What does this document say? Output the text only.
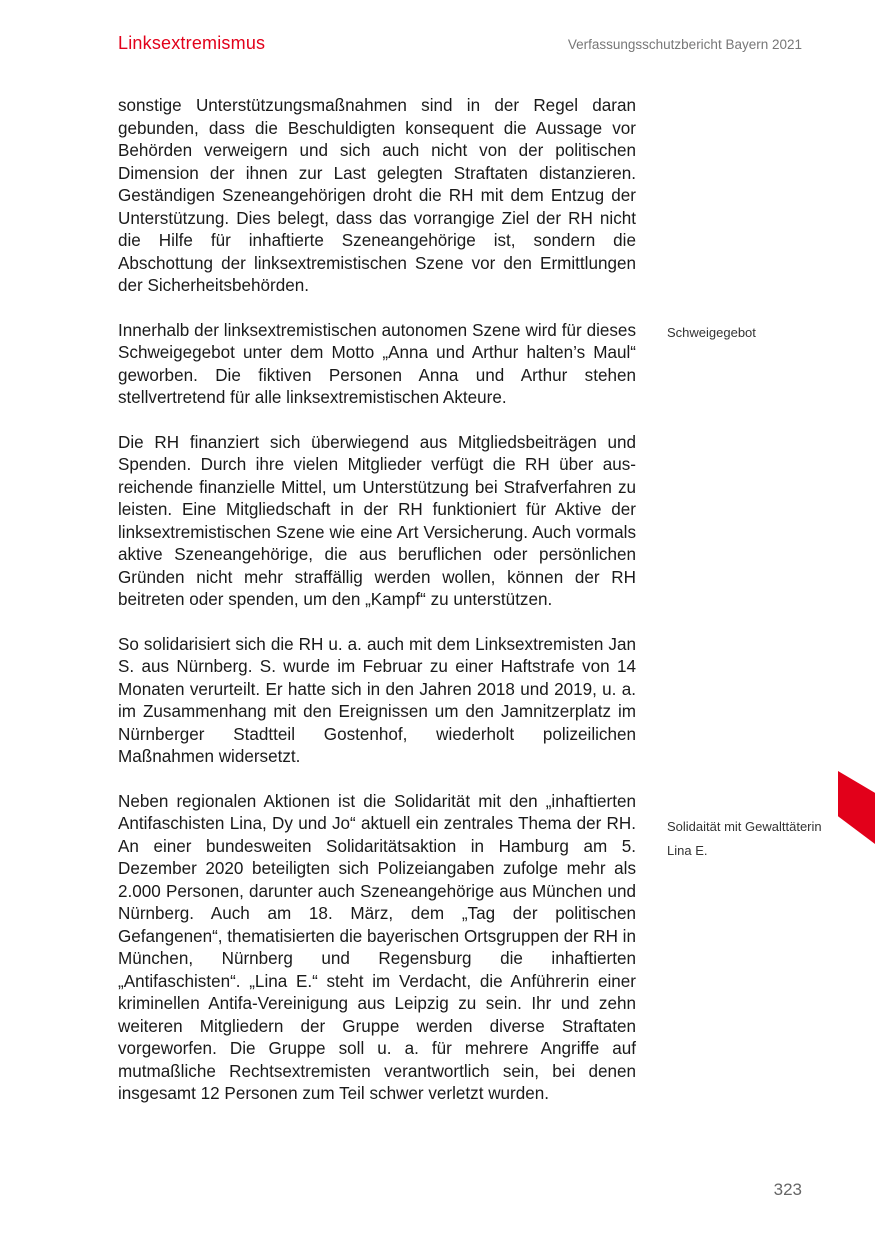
Linksextremismus	Verfassungsschutzbericht Bayern 2021

sonstige Unterstützungsmaßnahmen sind in der Regel daran gebunden, dass die Beschuldigten konsequent die Aussage vor Behörden verweigern und sich auch nicht von der politischen Dimension der ihnen zur Last gelegten Straftaten distanzieren. Geständigen Szeneangehörigen droht die RH mit dem Entzug der Unterstützung. Dies belegt, dass das vorrangige Ziel der RH nicht die Hilfe für inhaftierte Szeneangehörige ist, sondern die Abschottung der linksextremistischen Szene vor den Ermittlungen der Sicherheitsbehörden.

Innerhalb der linksextremistischen autonomen Szene wird für dieses Schweigegebot unter dem Motto „Anna und Arthur halten’s Maul“ geworben. Die fiktiven Personen Anna und Arthur stehen stellvertretend für alle linksextremistischen Akteure.

Die RH finanziert sich überwiegend aus Mitgliedsbeiträgen und Spenden. Durch ihre vielen Mitglieder verfügt die RH über ausreichende finanzielle Mittel, um Unterstützung bei Strafverfahren zu leisten. Eine Mitgliedschaft in der RH funktioniert für Aktive der linksextremistischen Szene wie eine Art Versicherung. Auch vormals aktive Szeneangehörige, die aus beruflichen oder persönlichen Gründen nicht mehr straffällig werden wollen, können der RH beitreten oder spenden, um den „Kampf“ zu unterstützen.

So solidarisiert sich die RH u. a. auch mit dem Linksextremisten Jan S. aus Nürnberg. S. wurde im Februar zu einer Haftstrafe von 14 Monaten verurteilt. Er hatte sich in den Jahren 2018 und 2019, u. a. im Zusammenhang mit den Ereignissen um den Jamnitzerplatz im Nürnberger Stadtteil Gostenhof, wiederholt polizeilichen Maßnahmen widersetzt.

Neben regionalen Aktionen ist die Solidarität mit den „inhaftierten Antifaschisten Lina, Dy und Jo“ aktuell ein zentrales Thema der RH. An einer bundesweiten Solidaritätsaktion in Hamburg am 5. Dezember 2020 beteiligten sich Polizeiangaben zufolge mehr als 2.000 Personen, darunter auch Szeneangehörige aus München und Nürnberg. Auch am 18. März, dem „Tag der politischen Gefangenen“, thematisierten die bayerischen Ortsgruppen der RH in München, Nürnberg und Regensburg die inhaftierten „Antifaschisten“. „Lina E.“ steht im Verdacht, die Anführerin einer kriminellen Antifa-Vereinigung aus Leipzig zu sein. Ihr und zehn weiteren Mitgliedern der Gruppe werden diverse Straftaten vorgeworfen. Die Gruppe soll u. a. für mehrere Angriffe auf mutmaßliche Rechtsextremisten verantwortlich sein, bei denen insgesamt 12 Personen zum Teil schwer verletzt wurden.

Schweigegebot
Solidaität mit Gewalttäterin Lina E.
323
